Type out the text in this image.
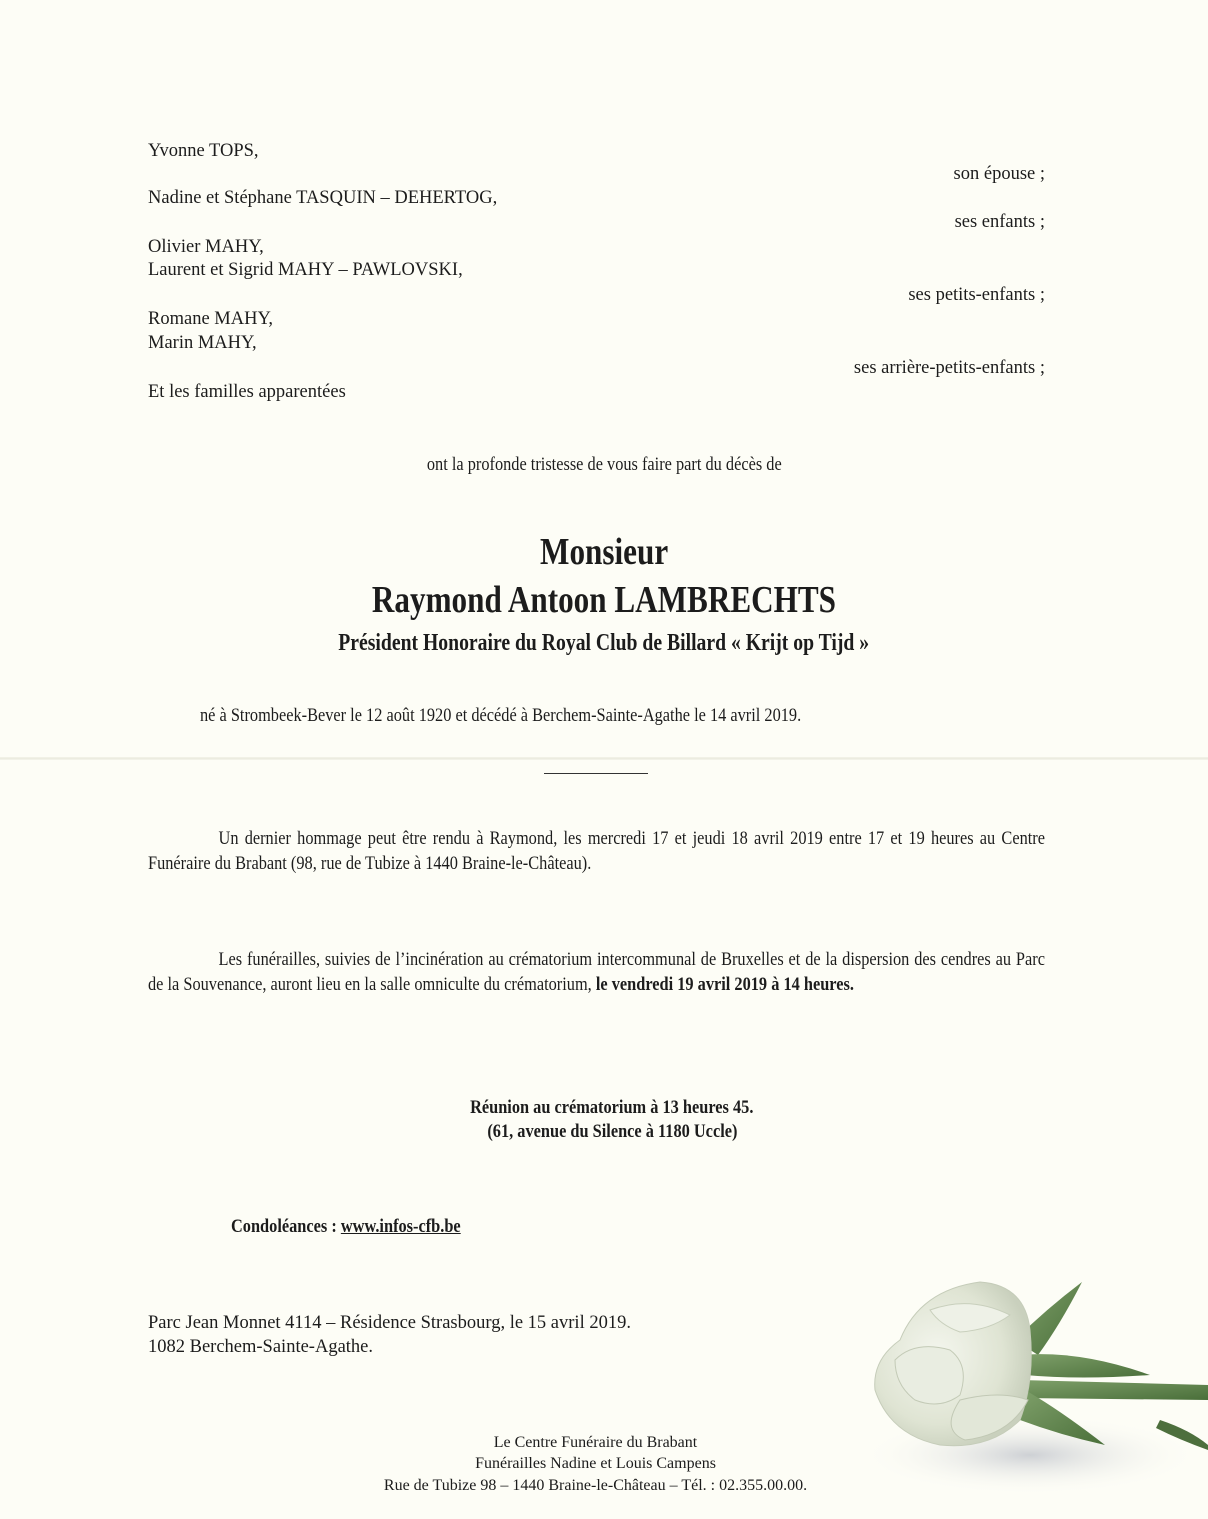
Yvonne TOPS,
son épouse ;
Nadine et Stéphane TASQUIN – DEHERTOG,
ses enfants ;
Olivier MAHY,
Laurent et Sigrid MAHY – PAWLOVSKI,
ses petits-enfants ;
Romane MAHY,
Marin MAHY,
ses arrière-petits-enfants ;
Et les familles apparentées
ont la profonde tristesse de vous faire part du décès de
Monsieur
Raymond Antoon LAMBRECHTS
Président Honoraire du Royal Club de Billard « Krijt op Tijd »
né à Strombeek-Bever le 12 août 1920 et décédé à Berchem-Sainte-Agathe le 14 avril 2019.
Un dernier hommage peut être rendu à Raymond, les mercredi 17 et jeudi 18 avril 2019 entre 17 et 19 heures au Centre Funéraire du Brabant (98, rue de Tubize à 1440 Braine-le-Château).
Les funérailles, suivies de l’incinération au crématorium intercommunal de Bruxelles et de la dispersion des cendres au Parc de la Souvenance, auront lieu en la salle omniculte du crématorium, le vendredi 19 avril 2019 à 14 heures.
Réunion au crématorium à 13 heures 45.
(61, avenue du Silence à 1180 Uccle)
Condoléances : www.infos-cfb.be
Parc Jean Monnet 4114 – Résidence Strasbourg, le 15 avril 2019.
1082 Berchem-Sainte-Agathe.
Le Centre Funéraire du Brabant
Funérailles Nadine et Louis Campens
Rue de Tubize 98 – 1440 Braine-le-Château – Tél. : 02.355.00.00.
